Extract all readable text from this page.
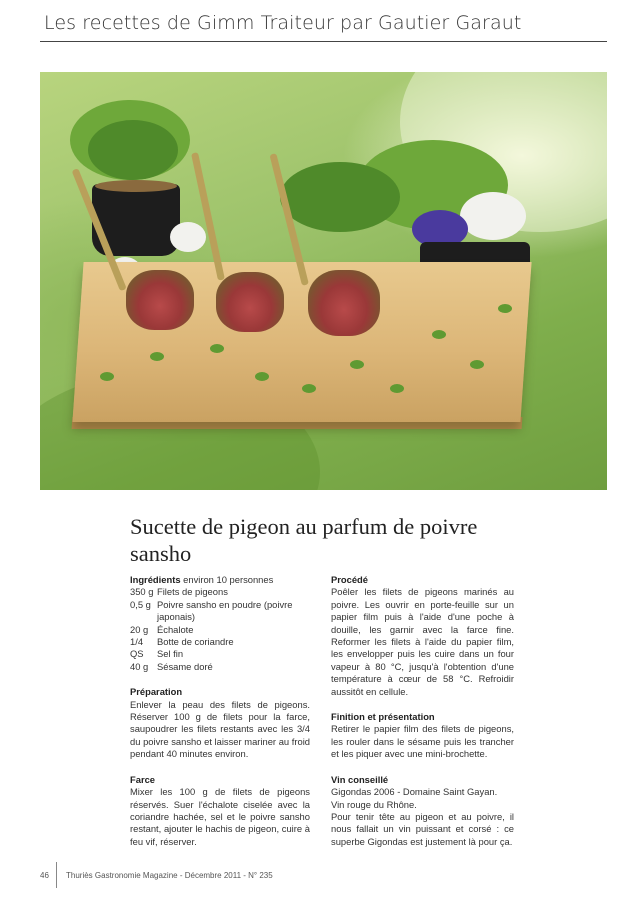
Les recettes de Gimm Traiteur par Gautier Garaut
Sucette de pigeon au parfum de poivre sansho
Ingrédients environ 10 personnes
350 g Filets de pigeons
0,5 g Poivre sansho en poudre (poivre japonais)
20 g Échalote
1/4	Botte de coriandre
QS	Sel fin
40 g Sésame doré
Préparation
Enlever la peau des filets de pigeons. Réserver 100 g de filets pour la farce, saupoudrer les filets restants avec les 3/4 du poivre sansho et laisser mariner au froid pendant 40 minutes environ.
Farce
Mixer les 100 g de filets de pigeons réservés. Suer l'échalote ciselée avec la coriandre hachée, sel et le poivre sansho restant, ajouter le hachis de pigeon, cuire à feu vif, réserver.
Procédé
Poêler les filets de pigeons marinés au poivre. Les ouvrir en porte-feuille sur un papier film puis à l'aide d'une poche à douille, les garnir avec la farce fine. Reformer les filets à l'aide du papier film, les envelopper puis les cuire dans un four vapeur à 80 °C, jusqu'à l'obtention d'une température à cœur de 58 °C. Refroidir aussitôt en cellule.
Finition et présentation
Retirer le papier film des filets de pigeons, les rouler dans le sésame puis les trancher et les piquer avec une mini-brochette.
Vin conseillé
Gigondas 2006 - Domaine Saint Gayan.
Vin rouge du Rhône.
Pour tenir tête au pigeon et au poivre, il nous fallait un vin puissant et corsé : ce superbe Gigondas est justement là pour ça.
46 Thuriès Gastronomie Magazine - Décembre 2011 - N° 235
